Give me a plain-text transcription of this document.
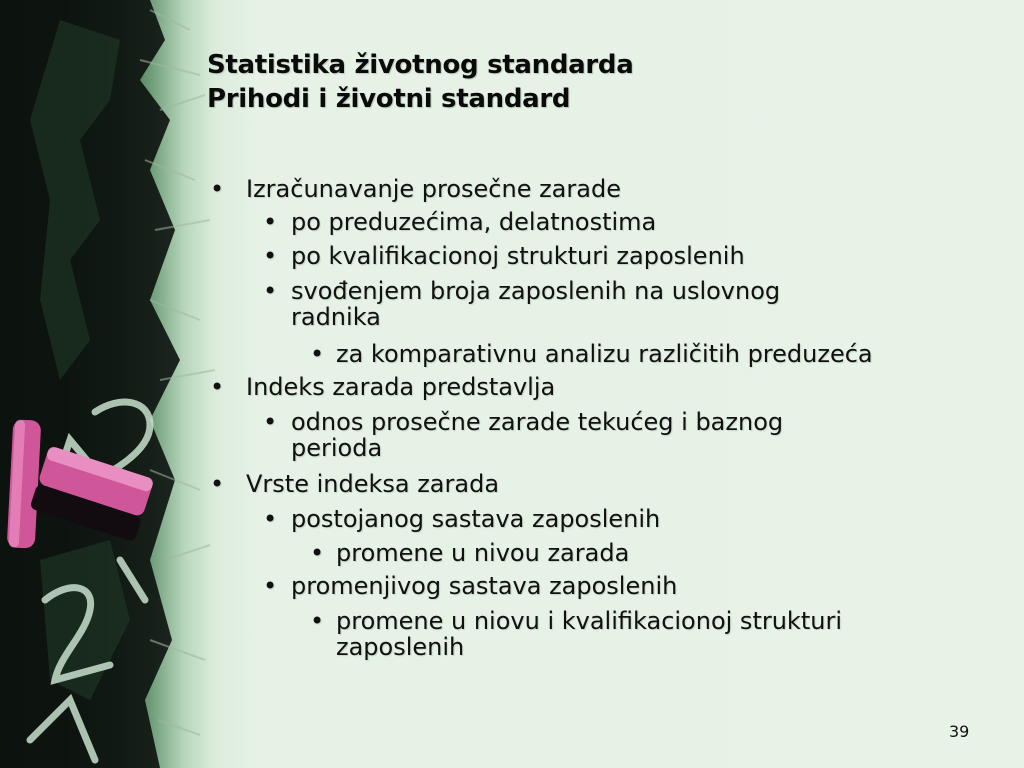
Statistika životnog standarda
Prihodi i životni standard
• Izračunavanje prosečne zarade
• po preduzećima, delatnostima
• po kvalifikacionoj strukturi zaposlenih
• svođenjem broja zaposlenih na uslovnog
radnika
• za komparativnu analizu različitih preduzeća
• Indeks zarada predstavlja
• odnos prosečne zarade tekućeg i baznog
perioda
• Vrste indeksa zarada
• postojanog sastava zaposlenih
• promene u nivou zarada
• promenjivog sastava zaposlenih
• promene u niovu i kvalifikacionoj strukturi
zaposlenih
39
